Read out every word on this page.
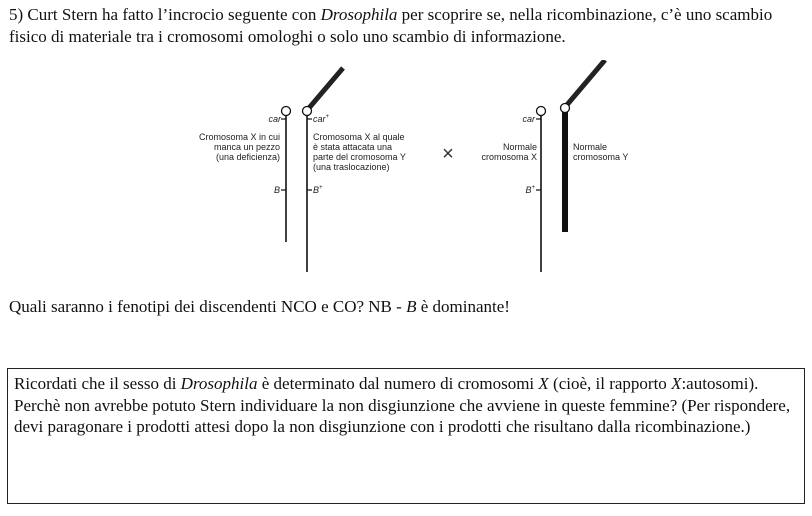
5) Curt Stern ha fatto l’incrocio seguente con Drosophila per scoprire se, nella ricombinazione, c’è uno scambio fisico di materiale tra i cromosomi omologhi o solo uno scambio di informazione.

car
B
Cromosoma X in cui
manca un pezzo
(una deficienza)
car+
B+
Cromosoma X al quale
è stata attacata una
parte del cromosoma Y
(una traslocazione)
×
car
B+
Normale
cromosoma X
Normale
cromosoma Y

Quali saranno i fenotipi dei discendenti NCO e CO? NB - B è dominante!

Ricordati che il sesso di Drosophila è determinato dal numero di cromosomi X (cioè, il rapporto X:autosomi). Perchè non avrebbe potuto Stern individuare la non disgiunzione che avviene in queste femmine? (Per rispondere, devi paragonare i prodotti attesi dopo la non disgiunzione con i prodotti che risultano dalla ricombinazione.)
